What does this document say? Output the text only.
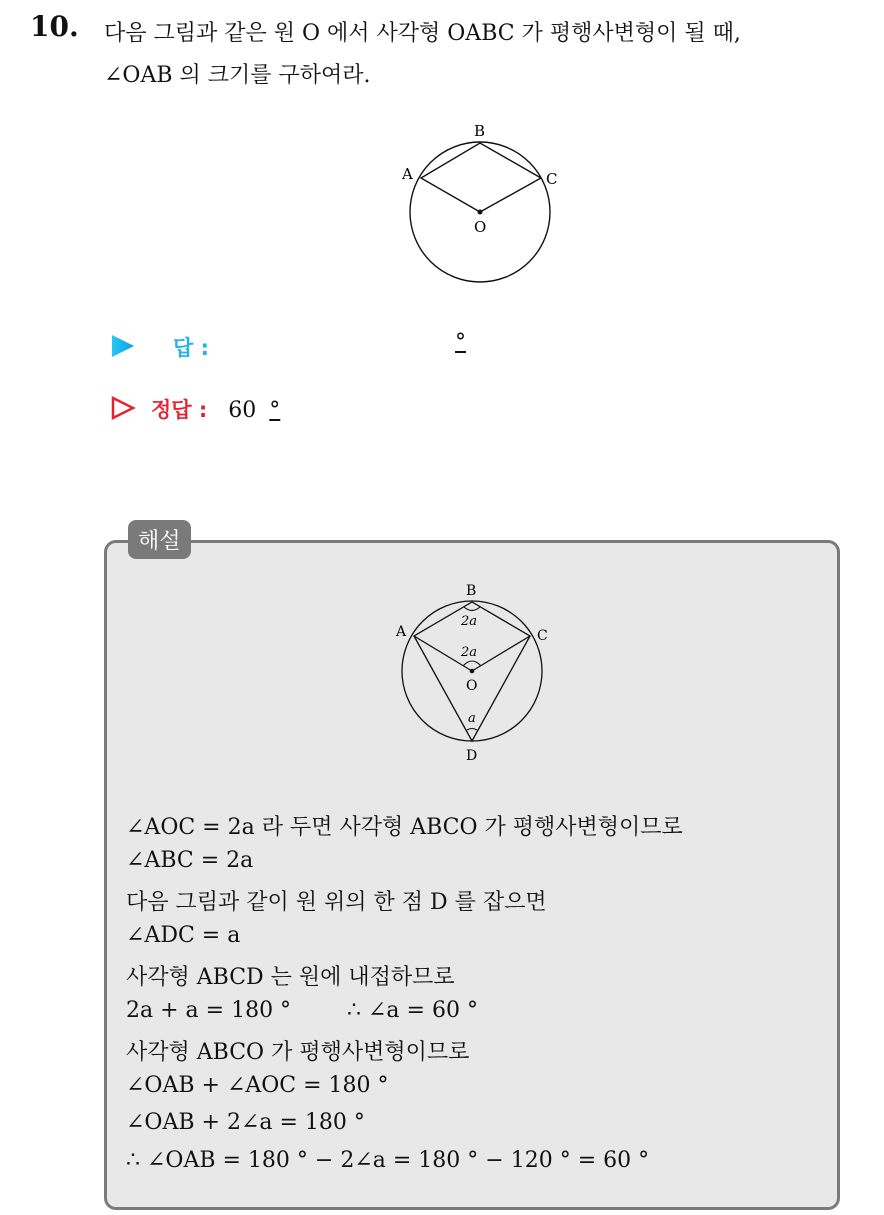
10. 다음 그림과 같은 원 O 에서 사각형 OABC 가 평행사변형이 될 때,
∠OAB 의 크기를 구하여라.
A
B
C
O
답 :	°
정답 : 60 °
해설
A
B
C
O
D
2a
2a
a
∠AOC = 2a 라 두면 사각형 ABCO 가 평행사변형이므로
∠ABC = 2a
다음 그림과 같이 원 위의 한 점 D 를 잡으면
∠ADC = a
사각형 ABCD 는 원에 내접하므로
2a + a = 180 °        ∴ ∠a = 60 °
사각형 ABCO 가 평행사변형이므로
∠OAB + ∠AOC = 180 °
∠OAB + 2∠a = 180 °
∴ ∠OAB = 180 ° − 2∠a = 180 ° − 120 ° = 60 °
